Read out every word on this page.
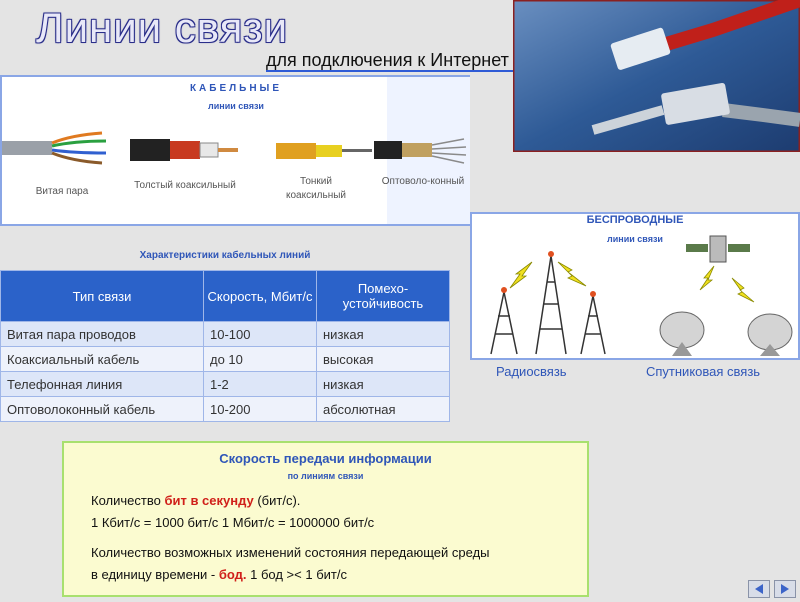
Линии связи
для подключения к Интернет
КАБЕЛЬНЫЕ
линии связи
Витая пара
Толстый коаксильный	Тонкий коаксильный
Оптоволо-конный
Характеристики кабельных линий
Тип связи	Скорость, Мбит/с	Помехо-устойчивость
Витая пара проводов	10-100	низкая
Коаксиальный кабель	до 10	высокая
Телефонная линия	1-2	низкая
Оптоволоконный кабель	10-200	абсолютная
БЕСПРОВОДНЫЕ
линии связи
Радиосвязь	Спутниковая связь
Скорость передачи информации
по линиям связи
Количество бит в секунду (бит/с).
1 Кбит/с = 1000 бит/с 1 Мбит/с = 1000000 бит/с
Количество возможных изменений состояния передающей среды
в единицу времени - бод. 1 бод >< 1 бит/с
